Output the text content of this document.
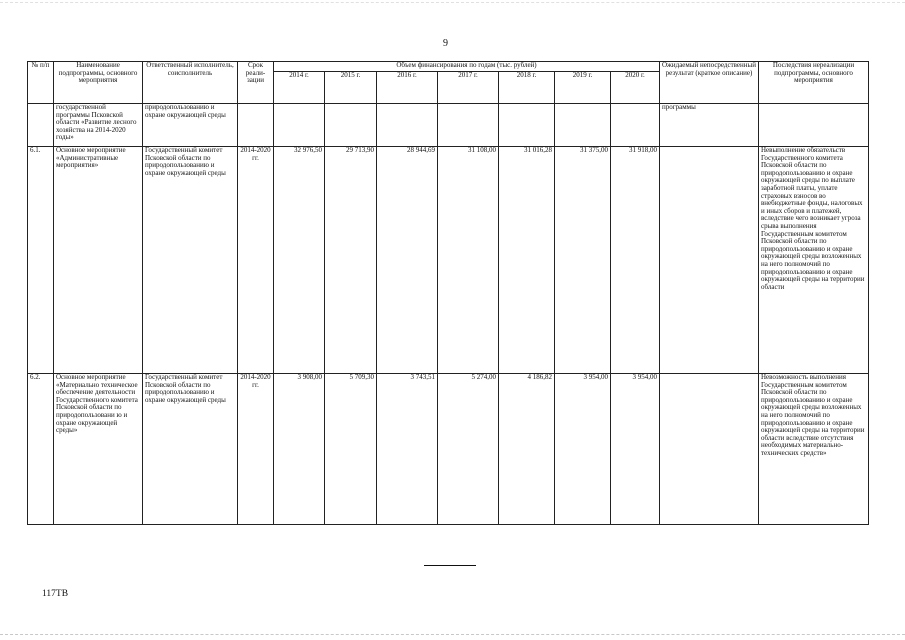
9
№ п/п	Наименование подпрограммы, основного мероприятия	Ответственный исполнитель, соисполнитель	Срок реали-зации	Объем финансирования по годам (тыс. рублей)							Ожидаемый непосредственный результат (краткое описание)	Последствия нереализации подпрограммы, основного мероприятия
				2014 г.	2015 г.	2016 г.	2017 г.	2018 г.	2019 г.	2020 г.		
	государственной программы Псковской области «Развитие лесного хозяйства на 2014-2020 годы»	природопользованию и охране окружающей среды									программы	
6.1.	Основное мероприятие «Административные мероприятия»	Государственный комитет Псковской области по природопользованию и охране окружающей среды	2014-2020 гг.	32 976,50	29 713,90	28 944,69	31 108,00	31 016,28	31 375,00	31 918,00		Невыполнение обязательств Государственного комитета Псковской области по природопользованию и охране окружающей среды по выплате заработной платы, уплате страховых взносов во внебюджетные фонды, налоговых и иных сборов и платежей, вследствие чего возникает угроза срыва выполнения Государственным комитетом Псковской области по природопользованию и охране окружающей среды возложенных на него полномочий по природопользованию и охране окружающей среды на территории области
6.2.	Основное мероприятие «Материально техническое обеспечение деятельности Государственного комитета Псковской области по природопользовани ю и охране окружающей среды»	Государственный комитет Псковской области по природопользованию и охране окружающей среды	2014-2020 гг.	3 908,00	5 709,30	3 743,51	5 274,00	4 186,82	3 954,00	3 954,00		Невозможность выполнения Государственным комитетом Псковской области по природопользованию и охране окружающей среды возложенных на него полномочий по природопользованию и охране окружающей среды на территории области вследствие отсутствия необходимых материально-технических средств»
117ТВ
